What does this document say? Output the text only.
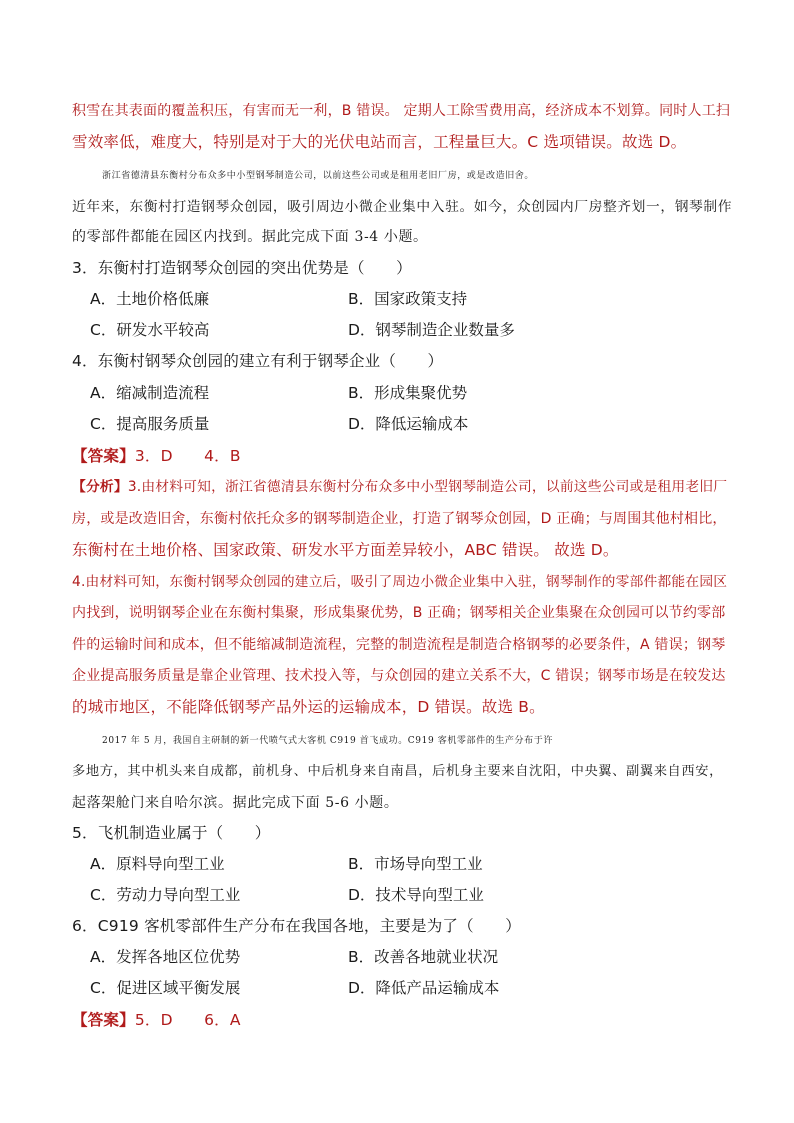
积雪在其表面的覆盖积压，有害而无一利，B 错误。 定期人工除雪费用高，经济成本不划算。同时人工扫
雪效率低，难度大，特别是对于大的光伏电站而言，工程量巨大。C 选项错误。故选 D。
浙江省德清县东衡村分布众多中小型钢琴制造公司，以前这些公司或是租用老旧厂房，或是改造旧舍。
近年来，东衡村打造钢琴众创园，吸引周边小微企业集中入驻。如今，众创园内厂房整齐划一，钢琴制作
的零部件都能在园区内找到。据此完成下面 3-4 小题。
3．东衡村打造钢琴众创园的突出优势是（　　）
A．土地价格低廉	B．国家政策支持
C．研发水平较高	D．钢琴制造企业数量多
4．东衡村钢琴众创园的建立有利于钢琴企业（　　）
A．缩减制造流程	B．形成集聚优势
C．提高服务质量	D．降低运输成本
【答案】3．D　　4．B
【分析】3.由材料可知，浙江省德清县东衡村分布众多中小型钢琴制造公司，以前这些公司或是租用老旧厂
房，或是改造旧舍，东衡村依托众多的钢琴制造企业，打造了钢琴众创园，D 正确；与周围其他村相比，
东衡村在土地价格、国家政策、研发水平方面差异较小，ABC 错误。 故选 D。
4.由材料可知，东衡村钢琴众创园的建立后，吸引了周边小微企业集中入驻，钢琴制作的零部件都能在园区
内找到，说明钢琴企业在东衡村集聚，形成集聚优势，B 正确；钢琴相关企业集聚在众创园可以节约零部
件的运输时间和成本，但不能缩减制造流程，完整的制造流程是制造合格钢琴的必要条件，A 错误；钢琴
企业提高服务质量是靠企业管理、技术投入等，与众创园的建立关系不大，C 错误；钢琴市场是在较发达
的城市地区，不能降低钢琴产品外运的运输成本，D 错误。故选 B。
2017 年 5 月，我国自主研制的新一代喷气式大客机 C919 首飞成功。C919 客机零部件的生产分布于许
多地方，其中机头来自成都，前机身、中后机身来自南昌，后机身主要来自沈阳，中央翼、副翼来自西安，
起落架舱门来自哈尔滨。据此完成下面 5-6 小题。
5．飞机制造业属于（　　）
A．原料导向型工业	B．市场导向型工业
C．劳动力导向型工业	D．技术导向型工业
6．C919 客机零部件生产分布在我国各地，主要是为了（　　）
A．发挥各地区位优势	B．改善各地就业状况
C．促进区域平衡发展	D．降低产品运输成本
【答案】5．D　　6．A
